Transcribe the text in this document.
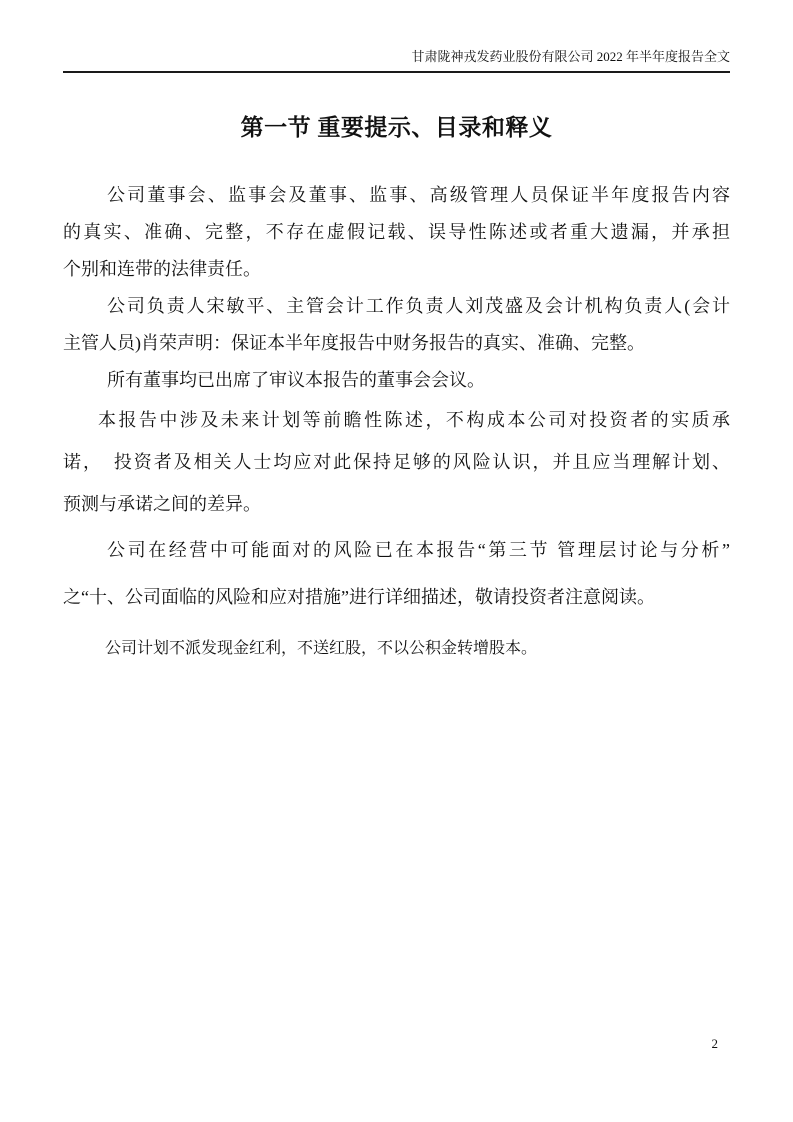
甘肃陇神戎发药业股份有限公司 2022 年半年度报告全文
第一节 重要提示、目录和释义
公司董事会、监事会及董事、监事、高级管理人员保证半年度报告内容
的真实、准确、完整，不存在虚假记载、误导性陈述或者重大遗漏，并承担
个别和连带的法律责任。
公司负责人宋敏平、主管会计工作负责人刘茂盛及会计机构负责人(会计
主管人员)肖荣声明：保证本半年度报告中财务报告的真实、准确、完整。
所有董事均已出席了审议本报告的董事会会议。
本报告中涉及未来计划等前瞻性陈述，不构成本公司对投资者的实质承
诺，　投资者及相关人士均应对此保持足够的风险认识，并且应当理解计划、
预测与承诺之间的差异。
公司在经营中可能面对的风险已在本报告“第三节 管理层讨论与分析”
之“十、公司面临的风险和应对措施”进行详细描述，敬请投资者注意阅读。
公司计划不派发现金红利，不送红股，不以公积金转增股本。
2
